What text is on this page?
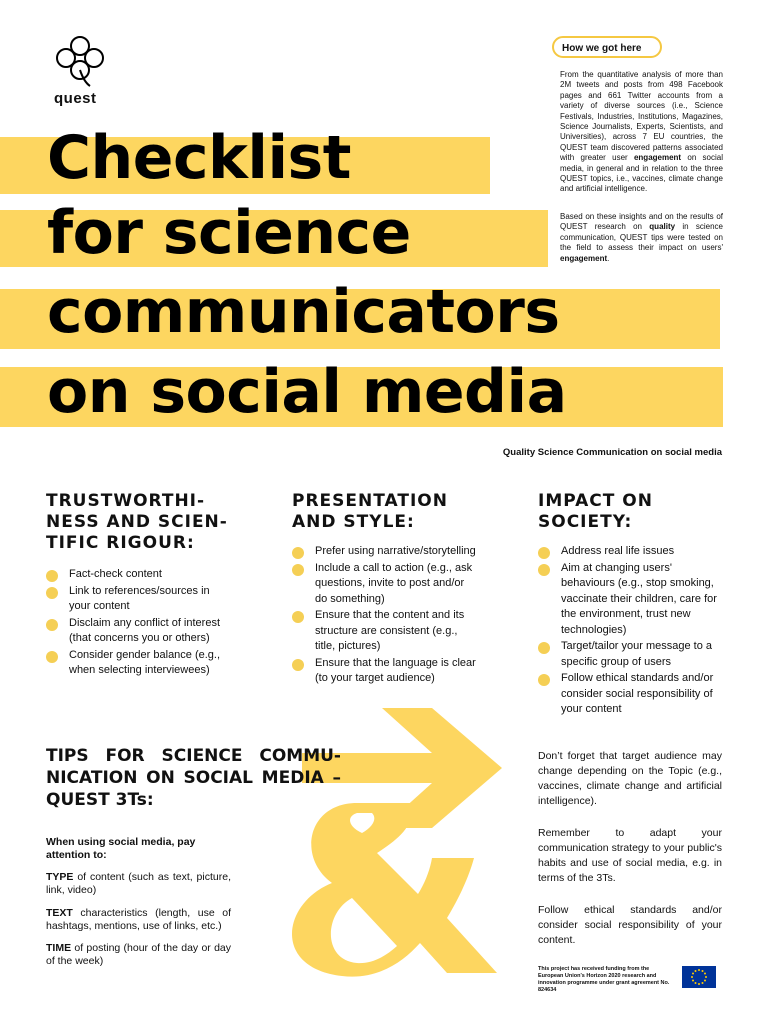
quest
Checklist
for science
communicators
on social media
How we got here
From the quantitative analysis of more than 2M tweets and posts from 498 Facebook pages and 661 Twitter accounts from a variety of diverse sources (i.e., Science Festivals, Industries, Institutions, Magazines, Science Journalists, Experts, Scientists, and Universities), across 7 EU countries, the QUEST team discovered patterns associated with greater user engagement on social media, in general and in relation to the three QUEST topics, i.e., vaccines, climate change and artificial intelligence.
Based on these insights and on the results of QUEST research on quality in science communication, QUEST tips were tested on the field to assess their impact on users' engagement.
Quality Science Communication on social media
TRUSTWORTHI-
NESS AND SCIEN-
TIFIC RIGOUR:
Fact-check content
Link to references/sources in your content
Disclaim any conflict of interest (that concerns you or others)
Consider gender balance (e.g., when selecting interviewees)
PRESENTATION
AND STYLE:
Prefer using narrative/storytelling
Include a call to action (e.g., ask questions, invite to post and/or do something)
Ensure that the content and its structure are consistent (e.g., title, pictures)
Ensure that the language is clear (to your target audience)
IMPACT ON
SOCIETY:
Address real life issues
Aim at changing users' behaviours (e.g., stop smoking, vaccinate their children, care for the environment, trust new technologies)
Target/tailor your message to a specific group of users
Follow ethical standards and/or consider social responsibility of your content
TIPS FOR SCIENCE COMMU-NICATION ON SOCIAL MEDIA – QUEST 3Ts:
When using social media, pay attention to:
TYPE of content (such as text, picture, link, video)
TEXT characteristics (length, use of hashtags, mentions, use of links, etc.)
TIME of posting (hour of the day or day of the week)
Don’t forget that target audience may change depending on the Topic (e.g., vaccines, climate change and artificial intelligence).
Remember to adapt your communication strategy to your public's habits and use of social media, e.g. in terms of the 3Ts.
Follow ethical standards and/or consider social responsibility of your content.
This project has received funding from the European Union's Horizon 2020 research and innovation programme under grant agreement No. 824634
